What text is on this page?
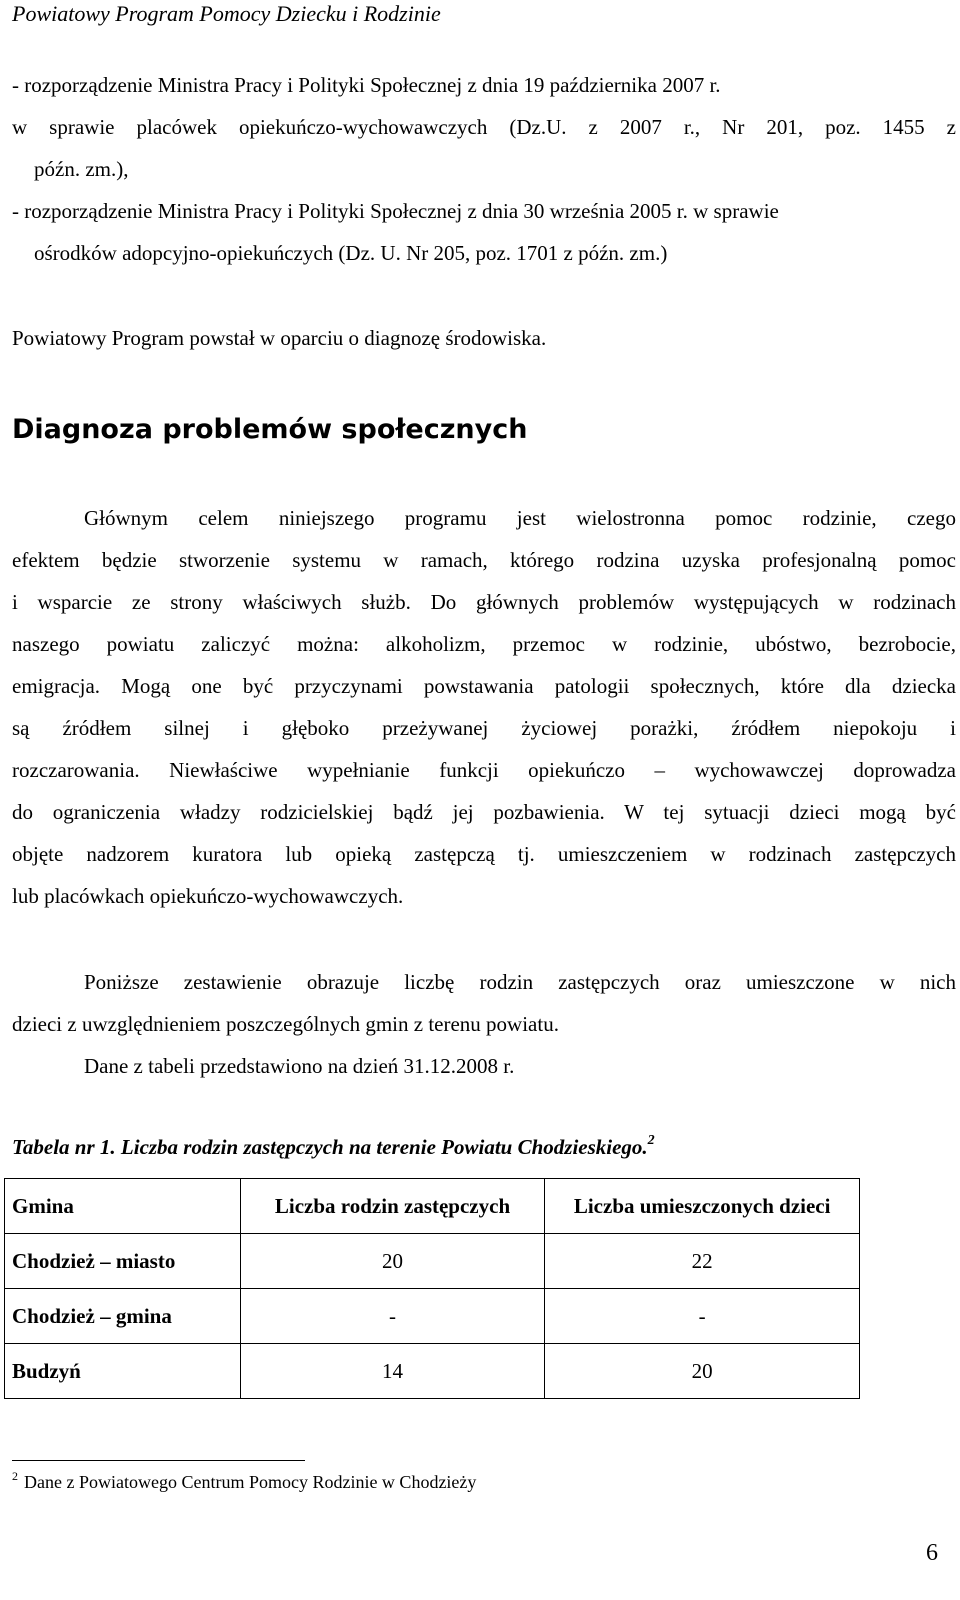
Powiatowy Program Pomocy Dziecku i Rodzinie
- rozporządzenie Ministra Pracy i Polityki Społecznej z dnia 19 października 2007 r.
w sprawie placówek opiekuńczo-wychowawczych (Dz.U. z 2007 r., Nr 201, poz. 1455 z
późn. zm.),
- rozporządzenie Ministra Pracy i Polityki Społecznej z dnia 30 września 2005 r. w sprawie
ośrodków adopcyjno-opiekuńczych (Dz. U. Nr 205, poz. 1701 z późn. zm.)
Powiatowy Program powstał w oparciu o diagnozę środowiska.
Diagnoza problemów społecznych
Głównym celem niniejszego programu jest wielostronna pomoc rodzinie, czego
efektem będzie stworzenie systemu w ramach, którego rodzina uzyska profesjonalną pomoc
i wsparcie ze strony właściwych służb. Do głównych problemów występujących w rodzinach
naszego powiatu zaliczyć można: alkoholizm, przemoc w rodzinie, ubóstwo, bezrobocie,
emigracja. Mogą one być przyczynami powstawania patologii społecznych, które dla dziecka
są źródłem silnej i głęboko przeżywanej życiowej porażki, źródłem niepokoju i
rozczarowania. Niewłaściwe wypełnianie funkcji opiekuńczo – wychowawczej doprowadza
do ograniczenia władzy rodzicielskiej bądź jej pozbawienia. W tej sytuacji dzieci mogą być
objęte nadzorem kuratora lub opieką zastępczą tj. umieszczeniem w rodzinach zastępczych
lub placówkach opiekuńczo-wychowawczych.
Poniższe zestawienie obrazuje liczbę rodzin zastępczych oraz umieszczone w nich
dzieci z uwzględnieniem poszczególnych gmin z terenu powiatu.
Dane z tabeli przedstawiono na dzień 31.12.2008 r.
Tabela nr 1. Liczba rodzin zastępczych na terenie Powiatu Chodzieskiego.$^2$
Gmina	Liczba rodzin zastępczych	Liczba umieszczonych dzieci
Chodzież – miasto	20	22
Chodzież – gmina	-	-
Budzyń	14	20
$^2$ Dane z Powiatowego Centrum Pomocy Rodzinie w Chodzieży
6
